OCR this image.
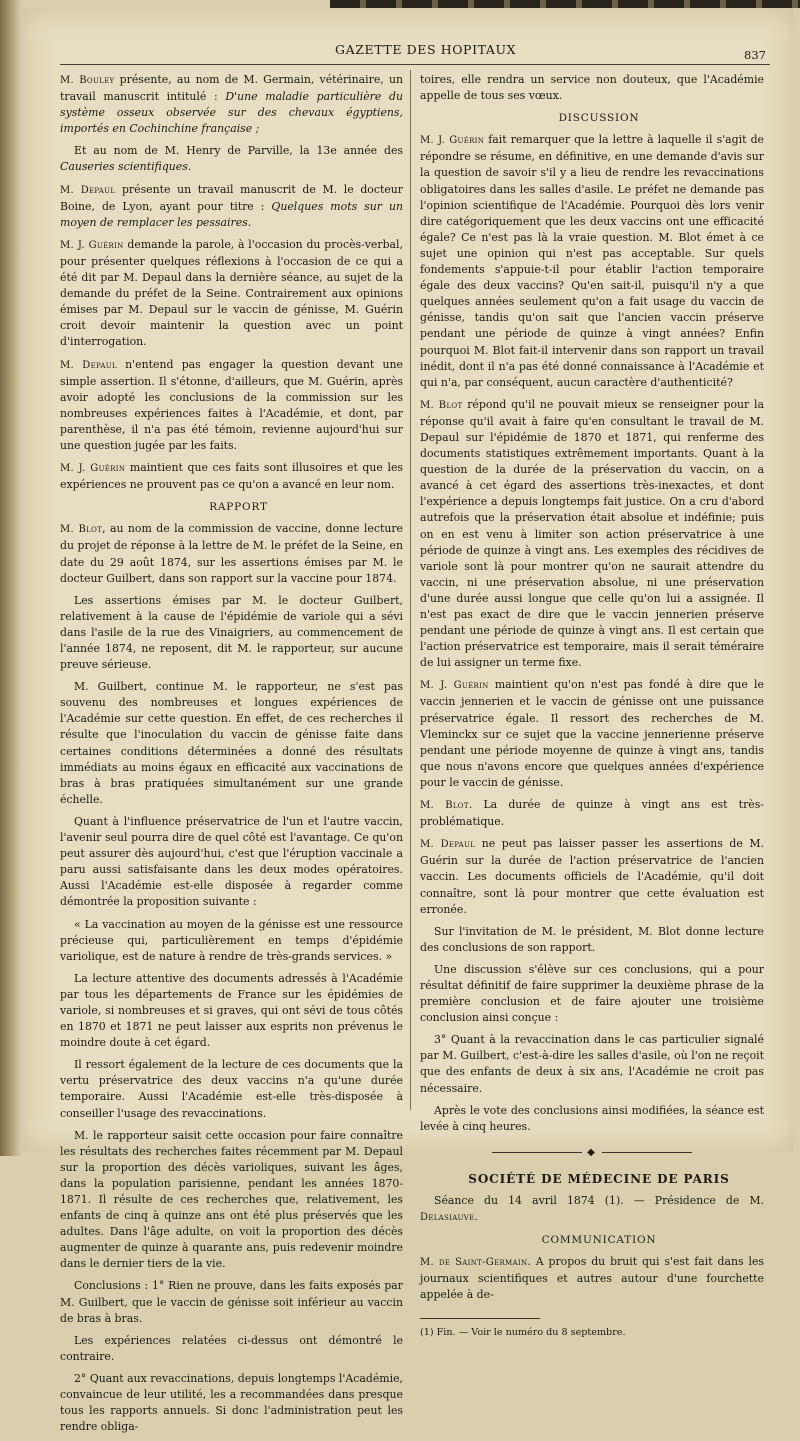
GAZETTE DES HOPITAUX	837

M. Bouley présente, au nom de M. Germain, vétérinaire, un travail manuscrit intitulé : D'une maladie particulière du système osseux observée sur des chevaux égyptiens, importés en Cochinchine française ;

Et au nom de M. Henry de Parville, la 13e année des Causeries scientifiques.

M. Depaul présente un travail manuscrit de M. le docteur Boine, de Lyon, ayant pour titre : Quelques mots sur un moyen de remplacer les pessaires.

M. J. Guérin demande la parole, à l'occasion du procès-verbal, pour présenter quelques réflexions à l'occasion de ce qui a été dit par M. Depaul dans la dernière séance, au sujet de la demande du préfet de la Seine. Contrairement aux opinions émises par M. Depaul sur le vaccin de génisse, M. Guérin croit devoir maintenir la question avec un point d'interrogation.

M. Depaul n'entend pas engager la question devant une simple assertion. Il s'étonne, d'ailleurs, que M. Guérin, après avoir adopté les conclusions de la commission sur les nombreuses expériences faites à l'Académie, et dont, par parenthèse, il n'a pas été témoin, revienne aujourd'hui sur une question jugée par les faits.

M. J. Guérin maintient que ces faits sont illusoires et que les expériences ne prouvent pas ce qu'on a avancé en leur nom.

RAPPORT

M. Blot, au nom de la commission de vaccine, donne lecture du projet de réponse à la lettre de M. le préfet de la Seine, en date du 29 août 1874, sur les assertions émises par M. le docteur Guilbert, dans son rapport sur la vaccine pour 1874.

Les assertions émises par M. le docteur Guilbert, relativement à la cause de l'épidémie de variole qui a sévi dans l'asile de la rue des Vinaigriers, au commencement de l'année 1874, ne reposent, dit M. le rapporteur, sur aucune preuve sérieuse.

M. Guilbert, continue M. le rapporteur, ne s'est pas souvenu des nombreuses et longues expériences de l'Académie sur cette question. En effet, de ces recherches il résulte que l'inoculation du vaccin de génisse faite dans certaines conditions déterminées a donné des résultats immédiats au moins égaux en efficacité aux vaccinations de bras à bras pratiquées simultanément sur une grande échelle.

Quant à l'influence préservatrice de l'un et l'autre vaccin, l'avenir seul pourra dire de quel côté est l'avantage. Ce qu'on peut assurer dès aujourd'hui, c'est que l'éruption vaccinale a paru aussi satisfaisante dans les deux modes opératoires. Aussi l'Académie est-elle disposée à regarder comme démontrée la proposition suivante :

« La vaccination au moyen de la génisse est une ressource précieuse qui, particulièrement en temps d'épidémie variolique, est de nature à rendre de très-grands services. »

La lecture attentive des documents adressés à l'Académie par tous les départements de France sur les épidémies de variole, si nombreuses et si graves, qui ont sévi de tous côtés en 1870 et 1871 ne peut laisser aux esprits non prévenus le moindre doute à cet égard.

Il ressort également de la lecture de ces documents que la vertu préservatrice des deux vaccins n'a qu'une durée temporaire. Aussi l'Académie est-elle très-disposée à conseiller l'usage des revaccinations.

M. le rapporteur saisit cette occasion pour faire connaître les résultats des recherches faites récemment par M. Depaul sur la proportion des décès varioliques, suivant les âges, dans la population parisienne, pendant les années 1870-1871. Il résulte de ces recherches que, relativement, les enfants de cinq à quinze ans ont été plus préservés que les adultes. Dans l'âge adulte, on voit la proportion des décès augmenter de quinze à quarante ans, puis redevenir moindre dans le dernier tiers de la vie.

Conclusions : 1° Rien ne prouve, dans les faits exposés par M. Guilbert, que le vaccin de génisse soit inférieur au vaccin de bras à bras.

Les expériences relatées ci-dessus ont démontré le contraire.

2° Quant aux revaccinations, depuis longtemps l'Académie, convaincue de leur utilité, les a recommandées dans presque tous les rapports annuels. Si donc l'administration peut les rendre obliga-

toires, elle rendra un service non douteux, que l'Académie appelle de tous ses vœux.

DISCUSSION

M. J. Guérin fait remarquer que la lettre à laquelle il s'agit de répondre se résume, en définitive, en une demande d'avis sur la question de savoir s'il y a lieu de rendre les revaccinations obligatoires dans les salles d'asile. Le préfet ne demande pas l'opinion scientifique de l'Académie. Pourquoi dès lors venir dire catégoriquement que les deux vaccins ont une efficacité égale? Ce n'est pas là la vraie question. M. Blot émet à ce sujet une opinion qui n'est pas acceptable. Sur quels fondements s'appuie-t-il pour établir l'action temporaire égale des deux vaccins? Qu'en sait-il, puisqu'il n'y a que quelques années seulement qu'on a fait usage du vaccin de génisse, tandis qu'on sait que l'ancien vaccin préserve pendant une période de quinze à vingt années? Enfin pourquoi M. Blot fait-il intervenir dans son rapport un travail inédit, dont il n'a pas été donné connaissance à l'Académie et qui n'a, par conséquent, aucun caractère d'authenticité?

M. Blot répond qu'il ne pouvait mieux se renseigner pour la réponse qu'il avait à faire qu'en consultant le travail de M. Depaul sur l'épidémie de 1870 et 1871, qui renferme des documents statistiques extrêmement importants. Quant à la question de la durée de la préservation du vaccin, on a avancé à cet égard des assertions très-inexactes, et dont l'expérience a depuis longtemps fait justice. On a cru d'abord autrefois que la préservation était absolue et indéfinie; puis on en est venu à limiter son action préservatrice à une période de quinze à vingt ans. Les exemples des récidives de variole sont là pour montrer qu'on ne saurait attendre du vaccin, ni une préservation absolue, ni une préservation d'une durée aussi longue que celle qu'on lui a assignée. Il n'est pas exact de dire que le vaccin jennerien préserve pendant une période de quinze à vingt ans. Il est certain que l'action préservatrice est temporaire, mais il serait téméraire de lui assigner un terme fixe.

M. J. Guérin maintient qu'on n'est pas fondé à dire que le vaccin jennerien et le vaccin de génisse ont une puissance préservatrice égale. Il ressort des recherches de M. Vleminckx sur ce sujet que la vaccine jennerienne préserve pendant une période moyenne de quinze à vingt ans, tandis que nous n'avons encore que quelques années d'expérience pour le vaccin de génisse.

M. Blot. La durée de quinze à vingt ans est très-problématique.

M. Depaul ne peut pas laisser passer les assertions de M. Guérin sur la durée de l'action préservatrice de l'ancien vaccin. Les documents officiels de l'Académie, qu'il doit connaître, sont là pour montrer que cette évaluation est erronée.

Sur l'invitation de M. le président, M. Blot donne lecture des conclusions de son rapport.

Une discussion s'élève sur ces conclusions, qui a pour résultat définitif de faire supprimer la deuxième phrase de la première conclusion et de faire ajouter une troisième conclusion ainsi conçue :

3° Quant à la revaccination dans le cas particulier signalé par M. Guilbert, c'est-à-dire les salles d'asile, où l'on ne reçoit que des enfants de deux à six ans, l'Académie ne croit pas nécessaire.

Après le vote des conclusions ainsi modifiées, la séance est levée à cinq heures.

◆

SOCIÉTÉ DE MÉDECINE DE PARIS

Séance du 14 avril 1874 (1). — Présidence de M. Delasiauve.

COMMUNICATION

M. de Saint-Germain. A propos du bruit qui s'est fait dans les journaux scientifiques et autres autour d'une fourchette appelée à de-

(1) Fin. — Voir le numéro du 8 septembre.
